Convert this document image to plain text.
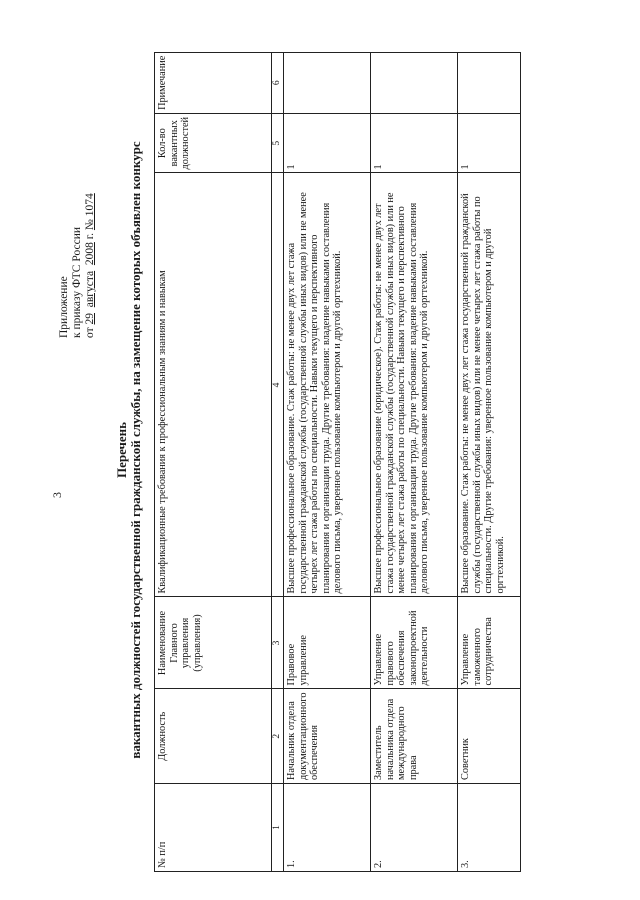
3
Приложение к приказу ФТС России от 29  августа  2008 г. № 1074
Перечень вакантных должностей государственной гражданской службы, на замещение которых объявлен конкурс
№ п/п	Должность	Наименование Главного управления (управления)	Квалификационные требования к профессиональным знаниям и навыкам	Кол-во вакантных должностей	Примечание
1	2	3	4	5	6
1.	Начальник отдела документационного обеспечения	Правовое управление	Высшее профессиональное образование. Стаж работы: не менее двух лет стажа государственной гражданской службы (государственной службы иных видов) или не менее четырех лет стажа работы по специальности. Навыки текущего и перспективного планирования и организации труда. Другие требования: владение навыками составления делового письма, уверенное пользование компьютером и другой оргтехникой.	1	
2.	Заместитель начальника отдела международного права	Управление правового обеспечения законопроектной деятельности	Высшее профессиональное образование (юридическое). Стаж работы: не менее двух лет стажа государственной гражданской службы (государственной службы иных видов) или не менее четырех лет стажа работы по специальности. Навыки текущего и перспективного планирования и организации труда. Другие требования: владение навыками составления делового письма, уверенное пользование компьютером и другой оргтехникой.	1	
3.	Советник	Управление таможенного сотрудничества	Высшее образование. Стаж работы: не менее двух лет стажа государственной гражданской службы (государственной службы иных видов) или не менее четырех лет стажа работы по специальности. Другие требования: уверенное пользование компьютером и другой оргтехникой.	1	
